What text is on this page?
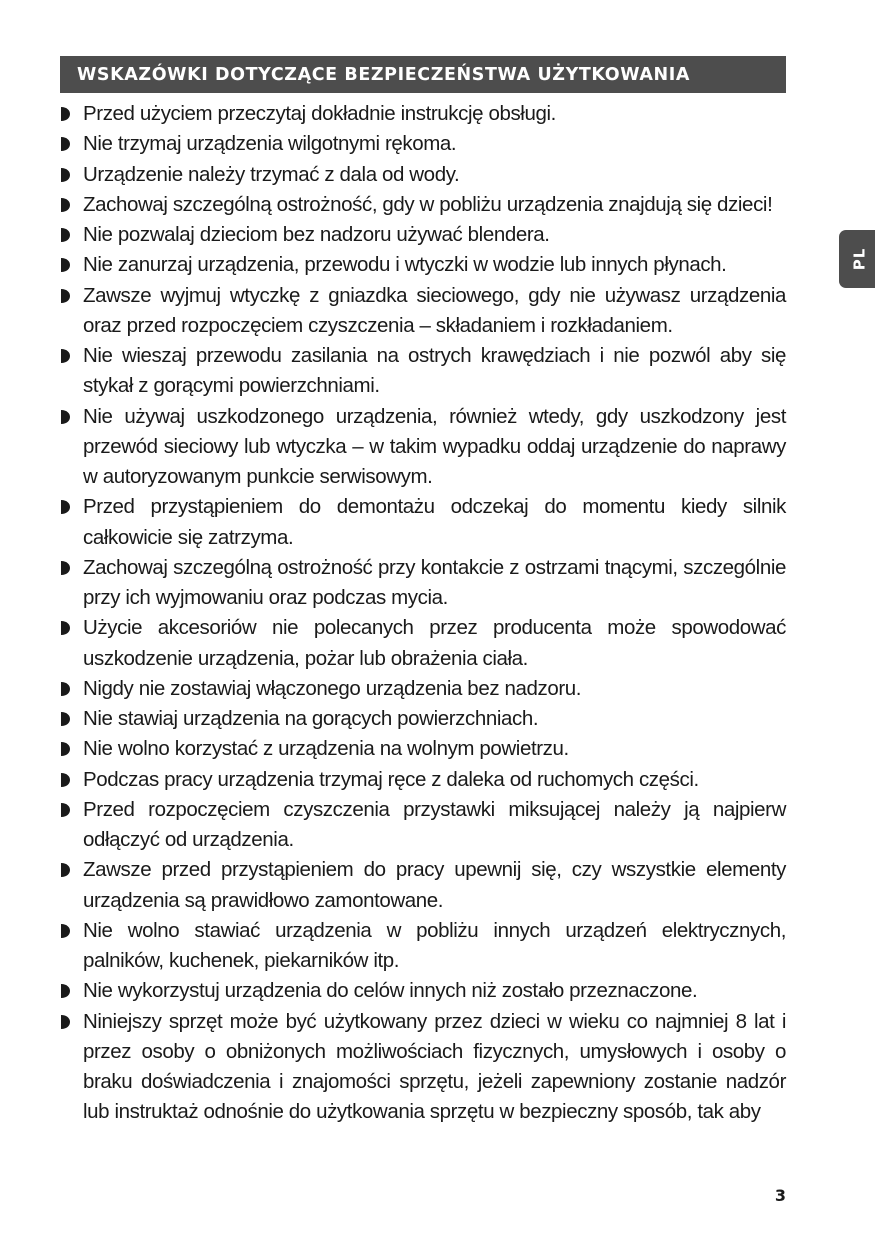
WSKAZÓWKI DOTYCZĄCE BEZPIECZEŃSTWA UŻYTKOWANIA
PL
Przed użyciem przeczytaj dokładnie instrukcję obsługi.
Nie trzymaj urządzenia wilgotnymi rękoma.
Urządzenie należy trzymać z dala od wody.
Zachowaj szczególną ostrożność, gdy w pobliżu urządzenia znajdują się dzieci!
Nie pozwalaj dzieciom bez nadzoru używać blendera.
Nie zanurzaj urządzenia, przewodu i wtyczki w wodzie lub innych płynach.
Zawsze wyjmuj wtyczkę z gniazdka sieciowego, gdy nie używasz urządzenia oraz przed rozpoczęciem czyszczenia – składaniem i rozkładaniem.
Nie wieszaj przewodu zasilania na ostrych krawędziach i nie pozwól aby się stykał z gorącymi powierzchniami.
Nie używaj uszkodzonego urządzenia, również wtedy, gdy uszkodzony jest przewód sieciowy lub wtyczka – w takim wypadku oddaj urządzenie do naprawy w autoryzowanym punkcie serwisowym.
Przed przystąpieniem do demontażu odczekaj do momentu kiedy silnik całkowicie się zatrzyma.
Zachowaj szczególną ostrożność przy kontakcie z ostrzami tnącymi, szczególnie przy ich wyjmowaniu oraz podczas mycia.
Użycie akcesoriów nie polecanych przez producenta może spowodować uszkodzenie urządzenia, pożar lub obrażenia ciała.
Nigdy nie zostawiaj włączonego urządzenia bez nadzoru.
Nie stawiaj urządzenia na gorących powierzchniach.
Nie wolno korzystać z urządzenia na wolnym powietrzu.
Podczas pracy urządzenia trzymaj ręce z daleka od ruchomych części.
Przed rozpoczęciem czyszczenia przystawki miksującej należy ją najpierw odłączyć od urządzenia.
Zawsze przed przystąpieniem do pracy upewnij się, czy wszystkie elementy urządzenia są prawidłowo zamontowane.
Nie wolno stawiać urządzenia w pobliżu innych urządzeń elektrycznych, palników, kuchenek, piekarników itp.
Nie wykorzystuj urządzenia do celów innych niż zostało przeznaczone.
Niniejszy sprzęt może być użytkowany przez dzieci w wieku co najmniej 8 lat i przez osoby o obniżonych możliwościach fizycznych, umysłowych i osoby o braku doświadczenia i znajomości sprzętu, jeżeli zapewniony zostanie nadzór lub instruktaż odnośnie do użytkowania sprzętu w bezpieczny sposób, tak aby
3
